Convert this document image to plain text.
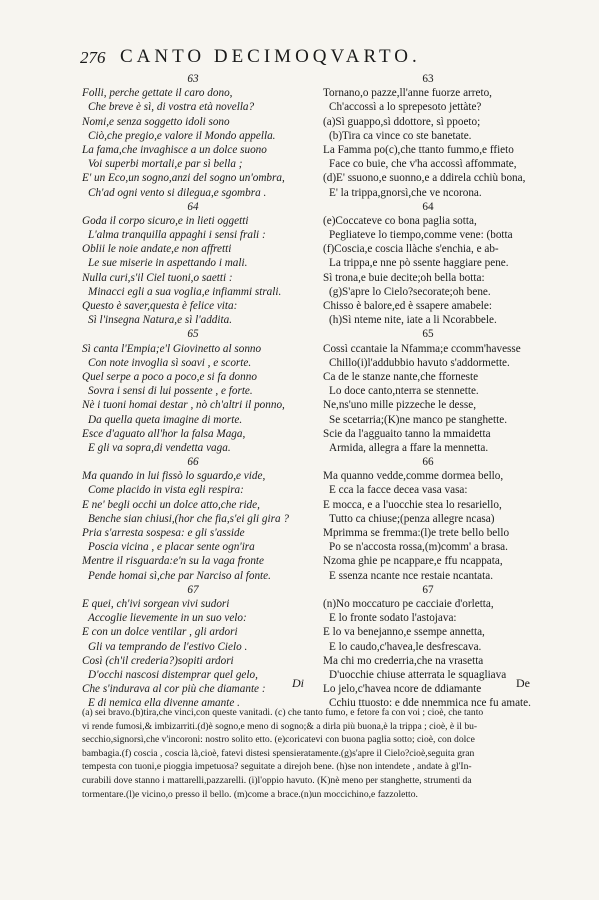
276 CANTO DECIMOQVARTO.
63
Folli, perche gettate il caro dono,
Che breve è sì, di vostra età novella?
Nomi,e senza soggetto idoli sono
Ciò,che pregio,e valore il Mondo appella.
La fama,che invaghisce a un dolce suono
Voi superbi mortali,e par sì bella ;
E' un Eco,un sogno,anzi del sogno un'ombra,
Ch'ad ogni vento si dilegua,e sgombra .
64
Goda il corpo sicuro,e in lieti oggetti
L'alma tranquilla appaghi i sensi frali :
Oblii le noie andate,e non affretti
Le sue miserie in aspettando i mali.
Nulla curi,s'il Ciel tuoni,o saetti :
Minacci egli a sua voglia,e infiammi strali.
Questo è saver,questa è felice vita:
Sì l'insegna Natura,e sì l'addita.
65
Sì canta l'Empia;e'l Giovinetto al sonno
Con note invoglia sì soavi , e scorte.
Quel serpe a poco a poco,e si fa donno
Sovra i sensi di lui possente , e forte.
Nè i tuoni homai destar , nò ch'altri il ponno,
Da quella queta imagine di morte.
Esce d'aguato all'hor la falsa Maga,
E gli va sopra,di vendetta vaga.
66
Ma quando in lui fissò lo sguardo,e vide,
Come placido in vista egli respira:
E ne' begli occhi un dolce atto,che ride,
Benche sian chiusi,(hor che fia,s'ei gli gira ?
Pria s'arresta sospesa: e gli s'asside
Poscia vicina , e placar sente ogn'ira
Mentre il risguarda:e'n su la vaga fronte
Pende homai sì,che par Narciso al fonte.
67
E quei, ch'ivi sorgean vivi sudori
Accoglie lievemente in un suo velo:
E con un dolce ventilar , gli ardori
Gli va temprando de l'estivo Cielo .
Così (ch'il crederia?)sopiti ardori
D'occhi nascosi distemprar quel gelo,
Che s'indurava al cor più che diamante :
E di nemica ella divenne amante .
63
Tornano,o pazze,ll'anne fuorze arreto,
Ch'accossì a lo sprepesoto jettàte?
(a)Sì guappo,sì ddottore, sì ppoeto;
(b)Tira ca vince co ste banetate.
La Famma po(c),che ttanto fummo,e ffieto
Face co buie, che v'ha accossì affommate,
(d)E' ssuono,e suonno,e a ddirela cchiù bona,
E' la trippa,gnorsì,che ve ncorona.
64
(e)Coccateve co bona paglia sotta,
Pegliateve lo tiempo,comme vene: (botta
(f)Coscia,e coscia llàche s'enchia, e ab-
La trippa,e nne pò ssente haggiare pene.
Sì trona,e buie decite;oh bella botta:
(g)S'apre lo Cielo?secorate;oh bene.
Chisso è balore,ed è ssapere amabele:
(h)Sì nteme nite, iate a li Ncorabbele.
65
Cossì ccantaie la Nfamma;e ccomm'havesse
Chillo(i)l'addubbio havuto s'addormette.
Ca de le stanze nante,che fforneste
Lo doce canto,nterra se stennette.
Ne,ns'uno mille pizzeche le desse,
Se scetarria;(K)ne manco pe stanghette.
Scie da l'agguaito tanno la mmaidetta
Armida, allegra a ffare la mennetta.
66
Ma quanno vedde,comme dormea bello,
E cca la facce decea vasa vasa:
E mocca, e a l'uocchie stea lo resariello,
Tutto ca chiuse;(penza allegre ncasa)
Mprimma se fremma:(l)e trete bello bello
Po se n'accosta rossa,(m)comm' a brasa.
Nzoma ghie pe ncappare,e ffu ncappata,
E ssenza ncante nce restaie ncantata.
67
(n)No moccaturo pe cacciaie d'orletta,
E lo fronte sodato l'astojava:
E lo va benejanno,e ssempe annetta,
E lo caudo,c'havea,le desfrescava.
Ma chi mo crederria,che na vrasetta
D'uocchie chiuse atterrata le squagliava
Lo jelo,c'havea ncore de ddiamante
Cchiu ttuosto: e dde nnemmica nce fu amate.
Di	De
(a) sei bravo.(b)tira,che vinci,con queste vanitadi. (c) che tanto fumo, e fetore fa con voi ; cioè, che tanto
vi rende fumosi,& imbizarriti.(d)è sogno,e meno di sogno;& a dirla più buona,è la trippa ; cioè, è il bu-
secchio,signorsì,che v'incoroni: nostro solito etto. (e)coricatevi con buona paglia sotto; cioè, con dolce
bambagia.(f) coscia , coscia là,cioè, fatevi distesi spensieratamente.(g)s'apre il Cielo?cioè,seguita gran
tempesta con tuoni,e pioggia impetuosa? seguitate a direjoh bene. (h)se non intendete , andate à gl'In-
curabili dove stanno i mattarelli,pazzarelli. (i)l'oppio havuto. (K)nè meno per stanghette, strumenti da
tormentare.(l)e vicino,o presso il bello. (m)come a brace.(n)un moccichino,e fazzoletto.
